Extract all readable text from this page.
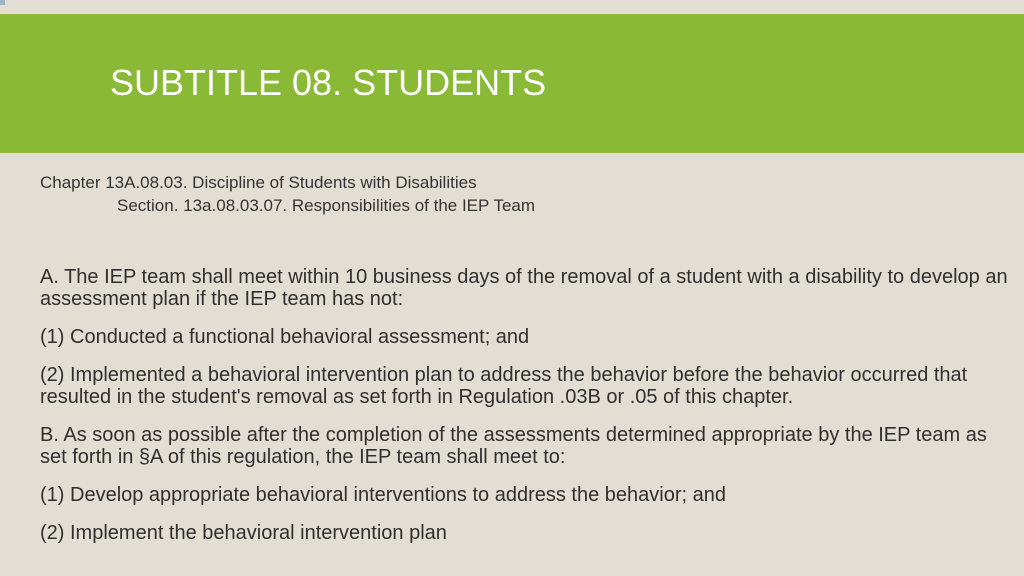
SUBTITLE 08. STUDENTS
Chapter 13A.08.03. Discipline of Students with Disabilities
Section. 13a.08.03.07. Responsibilities of the IEP Team

A. The IEP team shall meet within 10 business days of the removal of a student with a disability to develop an assessment plan if the IEP team has not:

(1) Conducted a functional behavioral assessment; and

(2) Implemented a behavioral intervention plan to address the behavior before the behavior occurred that resulted in the student's removal as set forth in Regulation .03B or .05 of this chapter.

B. As soon as possible after the completion of the assessments determined appropriate by the IEP team as set forth in §A of this regulation, the IEP team shall meet to:

(1) Develop appropriate behavioral interventions to address the behavior; and

(2) Implement the behavioral intervention plan
